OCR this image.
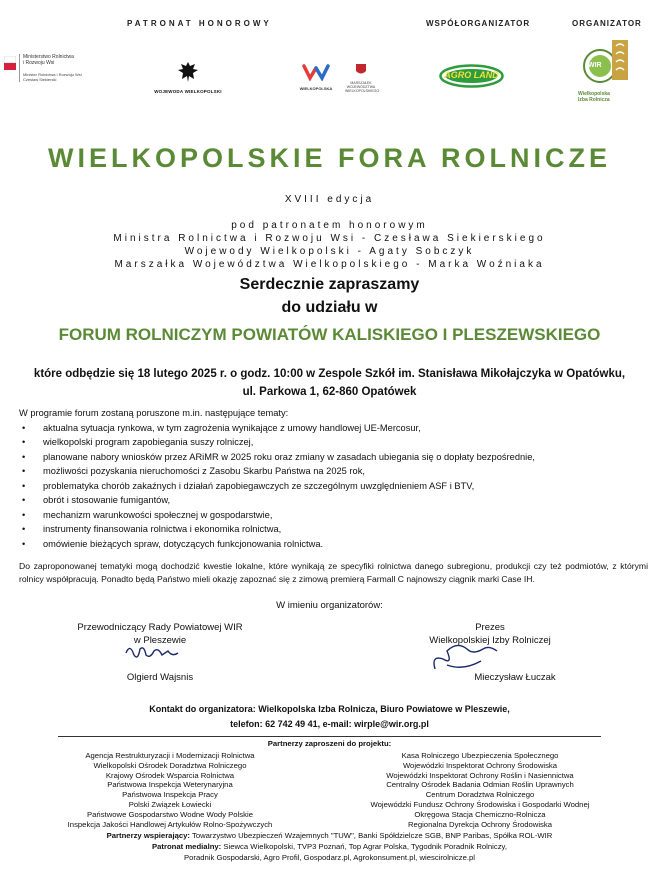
PATRONAT HONOROWY	WSPÓŁORGANIZATOR	ORGANIZATOR
Ministerstwo Rolnictwa
i Rozwoju Wsi
Minister Rolnictwa i Rozwoju Wsi
Czesław Siekierski
WOJEWODA WIELKOPOLSKI
WIELKOPOLSKA
MARSZAŁEK
WOJEWÓDZTWA
WIELKOPOLSKIEGO
AGRO LAND
WIR
Wielkopolska
Izba Rolnicza
WIELKOPOLSKIE FORA ROLNICZE
XVIII edycja
pod patronatem honorowym
Ministra Rolnictwa i Rozwoju Wsi - Czesława Siekierskiego
Wojewody Wielkopolski - Agaty Sobczyk
Marszałka Województwa Wielkopolskiego - Marka Woźniaka
Serdecznie zapraszamy
do udziału w
FORUM ROLNICZYM POWIATÓW KALISKIEGO I PLESZEWSKIEGO
które odbędzie się 18 lutego 2025 r. o godz. 10:00 w Zespole Szkół im. Stanisława Mikołajczyka w Opatówku,
ul. Parkowa 1, 62-860 Opatówek
W programie forum zostaną poruszone m.in. następujące tematy:
• aktualna sytuacja rynkowa, w tym zagrożenia wynikające z umowy handlowej UE-Mercosur,
• wielkopolski program zapobiegania suszy rolniczej,
• planowane nabory wniosków przez ARiMR w 2025 roku oraz zmiany w zasadach ubiegania się o dopłaty bezpośrednie,
• możliwości pozyskania nieruchomości z Zasobu Skarbu Państwa na 2025 rok,
• problematyka chorób zakaźnych i działań zapobiegawczych ze szczególnym uwzględnieniem ASF i BTV,
• obrót i stosowanie fumigantów,
• mechanizm warunkowości społecznej w gospodarstwie,
• instrumenty finansowania rolnictwa i ekonomika rolnictwa,
• omówienie bieżących spraw, dotyczących funkcjonowania rolnictwa.
Do zaproponowanej tematyki mogą dochodzić kwestie lokalne, które wynikają ze specyfiki rolnictwa danego subregionu, produkcji czy też podmiotów, z którymi rolnicy współpracują. Ponadto będą Państwo mieli okazję zapoznać się z zimową premierą Farmall C najnowszy ciągnik marki Case IH.
W imieniu organizatorów:
Przewodniczący Rady Powiatowej WIR
w Pleszewie
Olgierd Wajsnis
Prezes
Wielkopolskiej Izby Rolniczej
Mieczysław Łuczak
Kontakt do organizatora: Wielkopolska Izba Rolnicza, Biuro Powiatowe w Pleszewie,
telefon: 62 742 49 41, e-mail: wirple@wir.org.pl
Partnerzy zaproszeni do projektu:
Agencja Restrukturyzacji i Modernizacji Rolnictwa
Wielkopolski Ośrodek Doradztwa Rolniczego
Krajowy Ośrodek Wsparcia Rolnictwa
Państwowa Inspekcja Weterynaryjna
Państwowa Inspekcja Pracy
Polski Związek Łowiecki
Państwowe Gospodarstwo Wodne Wody Polskie
Inspekcja Jakości Handlowej Artykułów Rolno-Spożywczych
Kasa Rolniczego Ubezpieczenia Społecznego
Wojewódzki Inspektorat Ochrony Środowiska
Wojewódzki Inspektorat Ochrony Roślin i Nasiennictwa
Centralny Ośrodek Badania Odmian Roślin Uprawnych
Centrum Doradztwa Rolniczego
Wojewódzki Fundusz Ochrony Środowiska i Gospodarki Wodnej
Okręgowa Stacja Chemiczno-Rolnicza
Regionalna Dyrekcja Ochrony Środowiska
Partnerzy wspierający: Towarzystwo Ubezpieczeń Wzajemnych "TUW", Banki Spółdzielcze SGB, BNP Paribas, Spółka ROL-WIR
Patronat medialny: Siewca Wielkopolski, TVP3 Poznań, Top Agrar Polska, Tygodnik Poradnik Rolniczy,
Poradnik Gospodarski, Agro Profil, Gospodarz.pl, Agrokonsument.pl, wiescirolnicze.pl
